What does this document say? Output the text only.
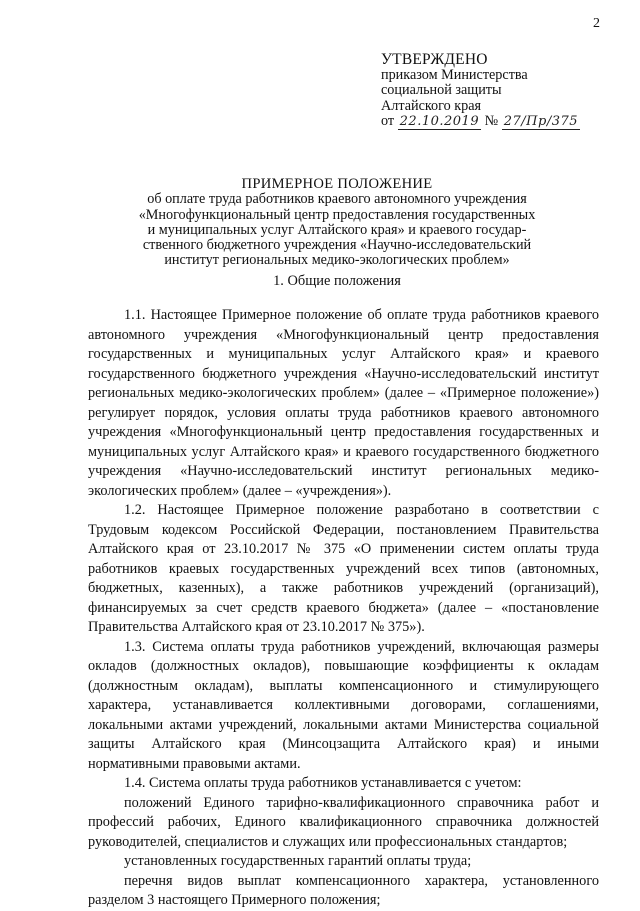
2
УТВЕРЖДЕНО
приказом Министерства
социальной защиты
Алтайского края
от 22.10.2019 № 27/Пр/375
ПРИМЕРНОЕ ПОЛОЖЕНИЕ
об оплате труда работников краевого автономного учреждения
«Многофункциональный центр предоставления государственных
и муниципальных услуг Алтайского края» и краевого государ-
ственного бюджетного учреждения «Научно-исследовательский
институт региональных медико-экологических проблем»
1. Общие положения

1.1. Настоящее Примерное положение об оплате труда работников краевого автономного учреждения «Многофункциональный центр предоставления государственных и муниципальных услуг Алтайского края» и краевого государственного бюджетного учреждения «Научно-исследовательский институт региональных медико-экологических проблем» (далее – «Примерное положение») регулирует порядок, условия оплаты труда работников краевого автономного учреждения «Многофункциональный центр предоставления государственных и муниципальных услуг Алтайского края» и краевого государственного бюджетного учреждения «Научно-исследовательский институт региональных медико-экологических проблем» (далее – «учреждения»).

1.2. Настоящее Примерное положение разработано в соответствии с Трудовым кодексом Российской Федерации, постановлением Правительства Алтайского края от 23.10.2017 № 375 «О применении систем оплаты труда работников краевых государственных учреждений всех типов (автономных, бюджетных, казенных), а также работников учреждений (организаций), финансируемых за счет средств краевого бюджета» (далее – «постановление Правительства Алтайского края от 23.10.2017 № 375»).

1.3. Система оплаты труда работников учреждений, включающая размеры окладов (должностных окладов), повышающие коэффициенты к окладам (должностным окладам), выплаты компенсационного и стимулирующего характера, устанавливается коллективными договорами, соглашениями, локальными актами учреждений, локальными актами Министерства социальной защиты Алтайского края (Минсоцзащита Алтайского края) и иными нормативными правовыми актами.

1.4. Система оплаты труда работников устанавливается с учетом:

положений Единого тарифно-квалификационного справочника работ и профессий рабочих, Единого квалификационного справочника должностей руководителей, специалистов и служащих или профессиональных стандартов;

установленных государственных гарантий оплаты труда;

перечня видов выплат компенсационного характера, установленного разделом 3 настоящего Примерного положения;
